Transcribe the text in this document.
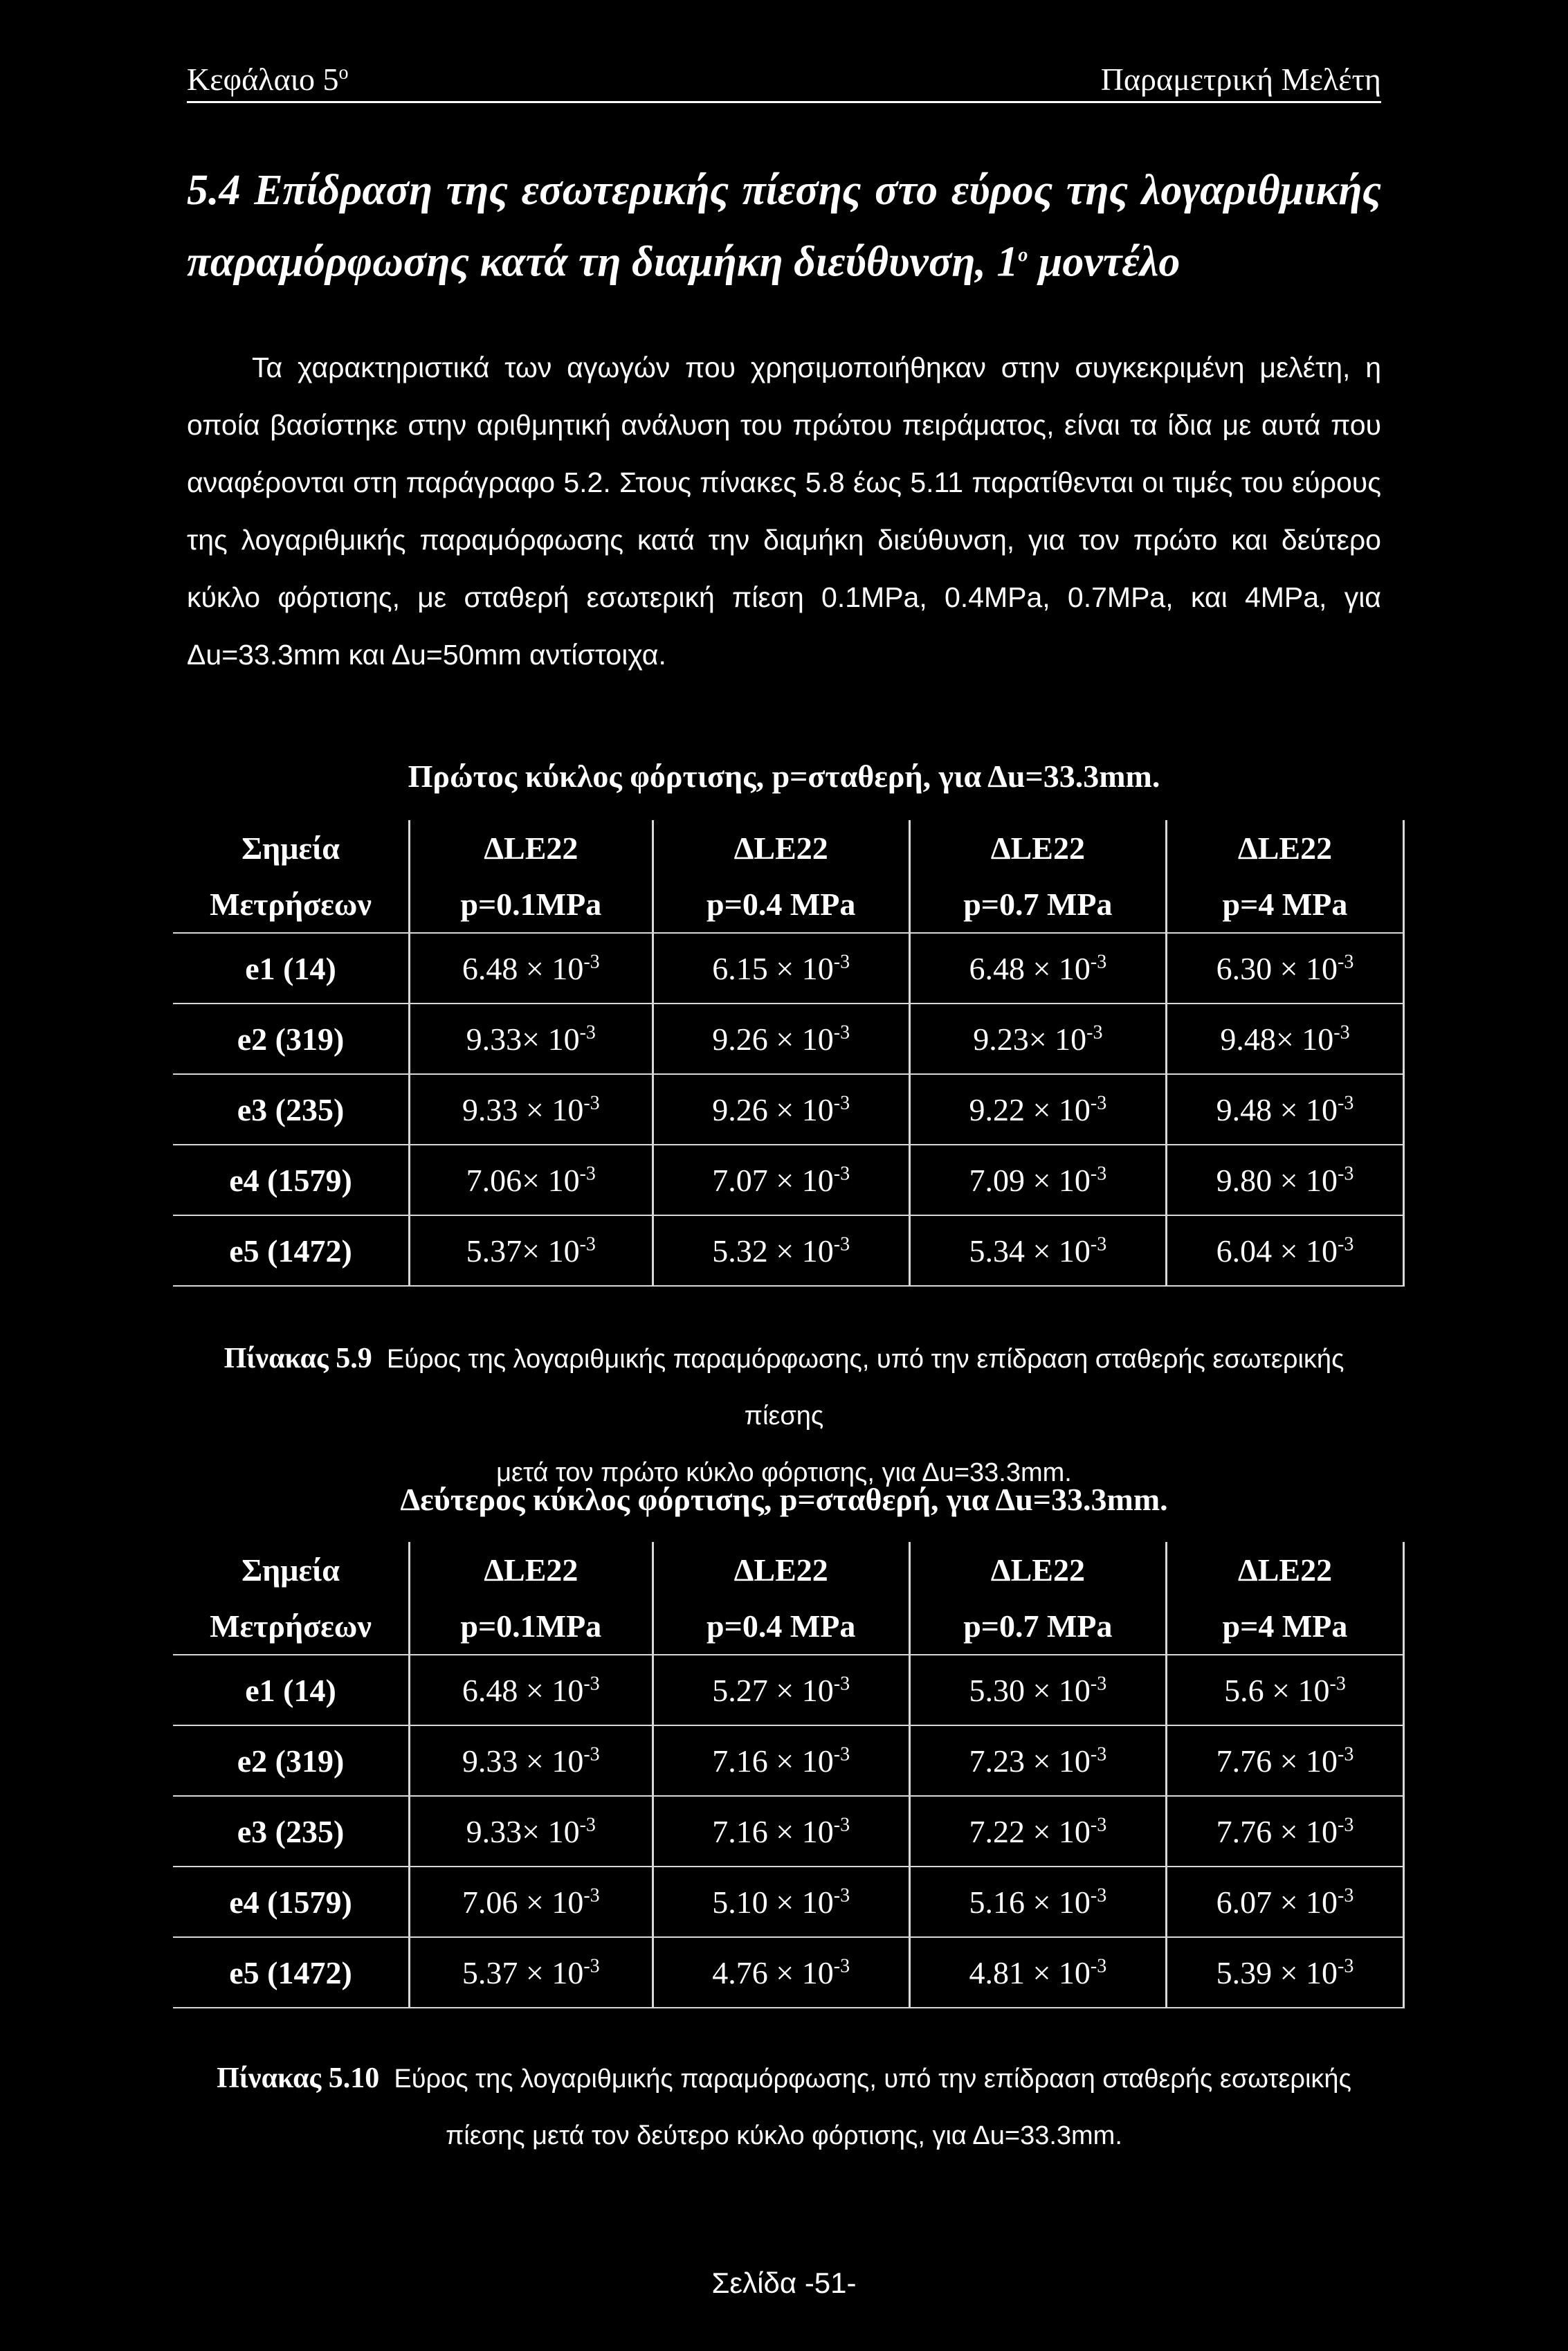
Κεφάλαιο $5^o$	Παραμετρική Μελέτη
5.4 Επίδραση της εσωτερικής πίεσης στο εύρος της λογαριθμικής παραμόρφωσης κατά τη διαμήκη διεύθυνση, $1^o$ μοντέλο

Τα χαρακτηριστικά των αγωγών που χρησιμοποιήθηκαν στην συγκεκριμένη μελέτη, η οποία βασίστηκε στην αριθμητική ανάλυση του πρώτου πειράματος, είναι τα ίδια με αυτά που αναφέρονται στη παράγραφο 5.2. Στους πίνακες 5.8 έως 5.11 παρατίθενται οι τιμές του εύρους της λογαριθμικής παραμόρφωσης κατά την διαμήκη διεύθυνση, για τον πρώτο και δεύτερο κύκλο φόρτισης, με σταθερή εσωτερική πίεση 0.1MPa, 0.4MPa, 0.7MPa, και 4MPa, για Δu=33.3mm και Δu=50mm αντίστοιχα.

Πρώτος κύκλος φόρτισης, p=σταθερή, για Δu=33.3mm.
Σημεία	ΔLE22	ΔLE22	ΔLE22	ΔLE22
Μετρήσεων	p=0.1MPa	p=0.4 MPa	p=0.7 MPa	p=4 MPa
e1 (14)	$6.48 \times 10^{-3}$	$6.15 \times 10^{-3}$	$6.48 \times 10^{-3}$	$6.30 \times 10^{-3}$
e2 (319)	$9.33\times 10^{-3}$	$9.26 \times 10^{-3}$	$9.23\times 10^{-3}$	$9.48\times 10^{-3}$
e3 (235)	$9.33 \times 10^{-3}$	$9.26 \times 10^{-3}$	$9.22 \times 10^{-3}$	$9.48 \times 10^{-3}$
e4 (1579)	$7.06\times 10^{-3}$	$7.07 \times 10^{-3}$	$7.09 \times 10^{-3}$	$9.80 \times 10^{-3}$
e5 (1472)	$5.37\times 10^{-3}$	$5.32 \times 10^{-3}$	$5.34 \times 10^{-3}$	$6.04 \times 10^{-3}$
Πίνακας 5.9 Εύρος της λογαριθμικής παραμόρφωσης, υπό την επίδραση σταθερής εσωτερικής πίεσης
μετά τον πρώτο κύκλο φόρτισης, για Δu=33.3mm.
Δεύτερος κύκλος φόρτισης, p=σταθερή, για Δu=33.3mm.
Σημεία	ΔLE22	ΔLE22	ΔLE22	ΔLE22
Μετρήσεων	p=0.1MPa	p=0.4 MPa	p=0.7 MPa	p=4 MPa
e1 (14)	$6.48 \times 10^{-3}$	$5.27 \times 10^{-3}$	$5.30 \times 10^{-3}$	$5.6 \times 10^{-3}$
e2 (319)	$9.33 \times 10^{-3}$	$7.16 \times 10^{-3}$	$7.23 \times 10^{-3}$	$7.76 \times 10^{-3}$
e3 (235)	$9.33\times 10^{-3}$	$7.16 \times 10^{-3}$	$7.22 \times 10^{-3}$	$7.76 \times 10^{-3}$
e4 (1579)	$7.06 \times 10^{-3}$	$5.10 \times 10^{-3}$	$5.16 \times 10^{-3}$	$6.07 \times 10^{-3}$
e5 (1472)	$5.37 \times 10^{-3}$	$4.76 \times 10^{-3}$	$4.81 \times 10^{-3}$	$5.39 \times 10^{-3}$
Πίνακας 5.10 Εύρος της λογαριθμικής παραμόρφωσης, υπό την επίδραση σταθερής εσωτερικής
πίεσης μετά τον δεύτερο κύκλο φόρτισης, για Δu=33.3mm.
Σελίδα -51-
